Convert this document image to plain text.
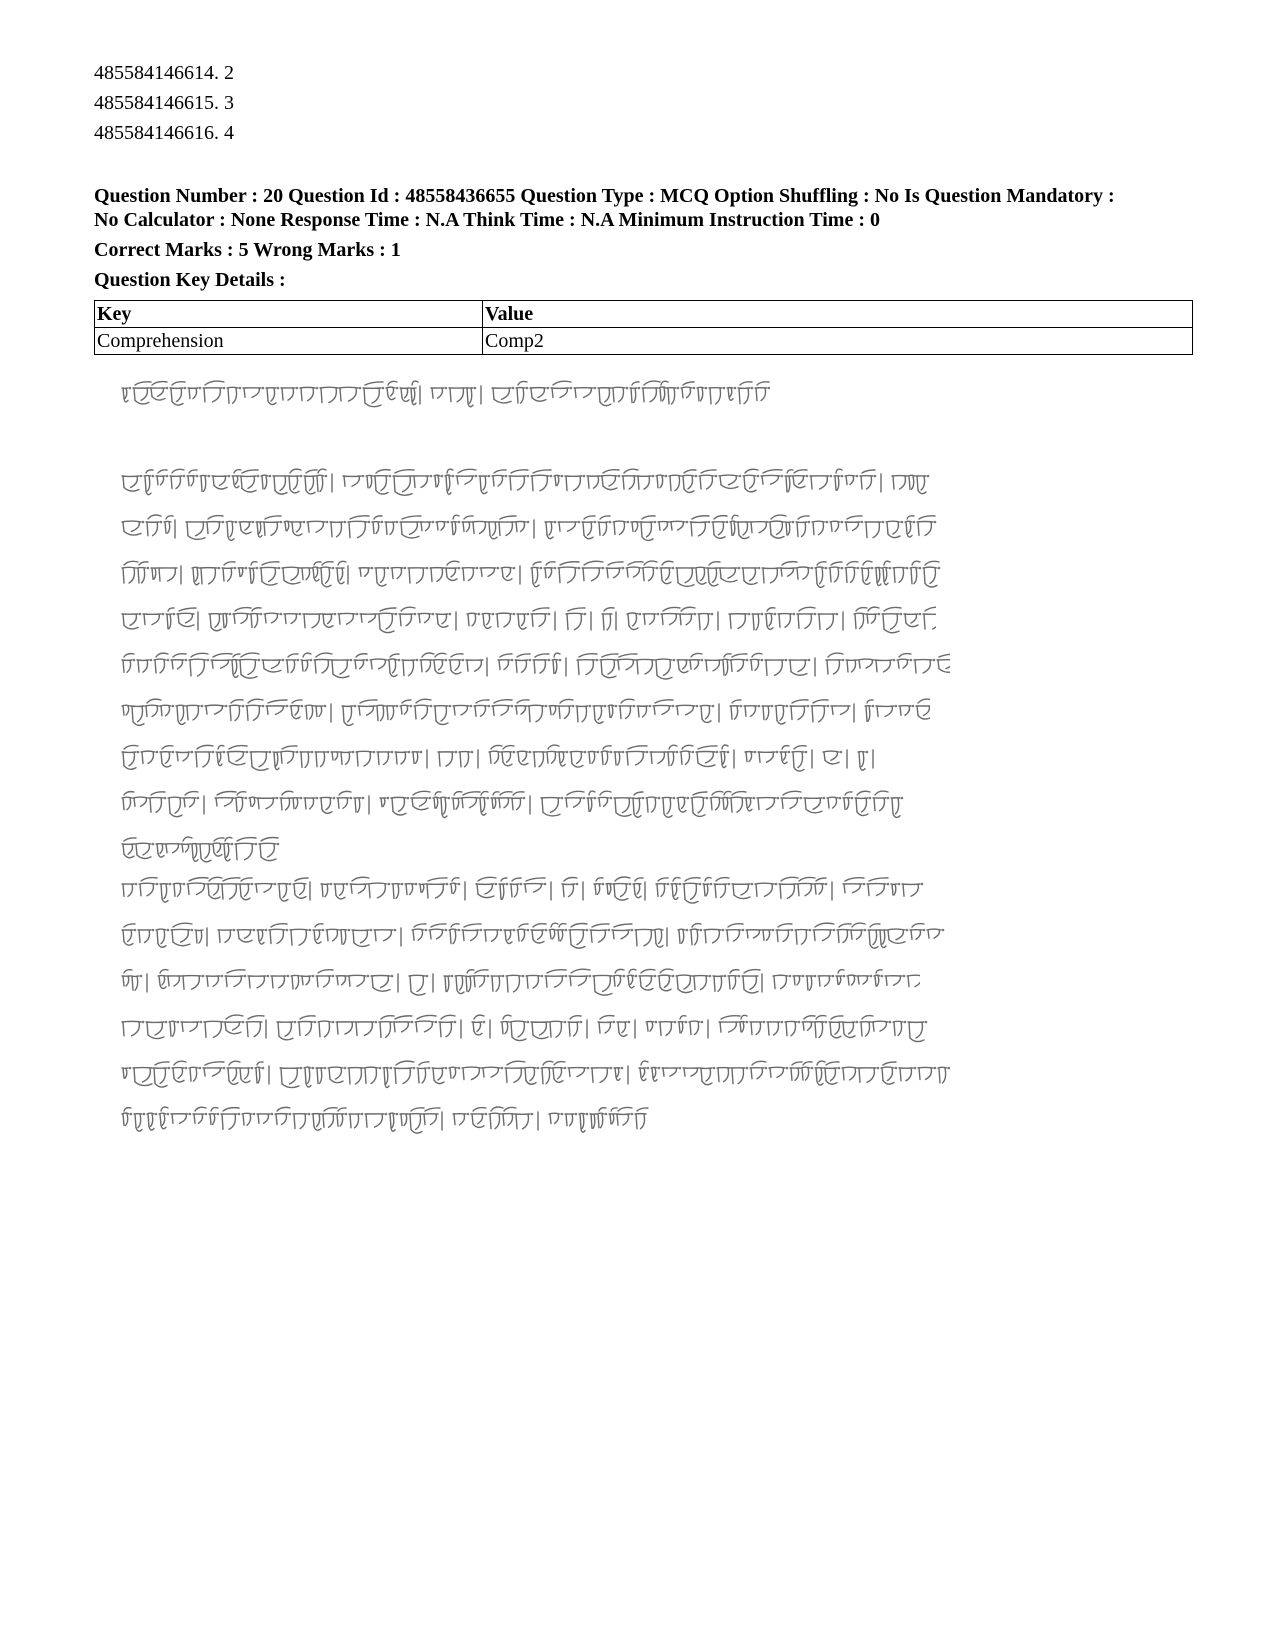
485584146614. 2
485584146615. 3
485584146616. 4
Question Number : 20 Question Id : 48558436655 Question Type : MCQ Option Shuffling : No Is Question Mandatory :
No Calculator : None Response Time : N.A Think Time : N.A Minimum Instruction Time : 0
Correct Marks : 5 Wrong Marks : 1
Question Key Details :
Key	Value
Comprehension	Comp2
